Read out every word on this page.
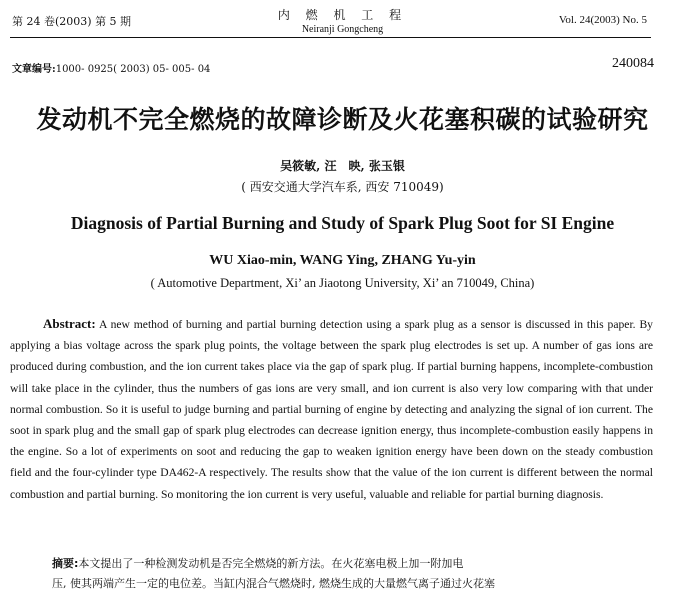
第 24 卷(2003) 第 5 期	内 燃 机 工 程
Neiranji Gongcheng
Vol. 24(2003) No. 5
文章编号:1000- 0925( 2003) 05- 005- 04	240084
发动机不完全燃烧的故障诊断及火花塞积碳的试验研究
吴筱敏, 汪　映, 张玉银
( 西安交通大学汽车系, 西安 710049)
Diagnosis of Partial Burning and Study of Spark Plug Soot for SI Engine
WU Xiao-min, WANG Ying, ZHANG Yu-yin
( Automotive Department, Xi’ an Jiaotong University, Xi’ an 710049, China)
Abstract: A new method of burning and partial burning detection using a spark plug as a sensor is discussed in this paper. By applying a bias voltage across the spark plug points, the voltage between the spark plug electrodes is set up. A number of gas ions are produced during combustion, and the ion current takes place via the gap of spark plug. If partial burning happens, incomplete-combustion will take place in the cylinder, thus the numbers of gas ions are very small, and ion current is also very low comparing with that under normal combustion. So it is useful to judge burning and partial burning of engine by detecting and analyzing the signal of ion current. The soot in spark plug and the small gap of spark plug electrodes can decrease ignition energy, thus incomplete-combustion easily happens in the engine. So a lot of experiments on soot and reducing the gap to weaken ignition energy have been down on the steady combustion field and the four-cylinder type DA462-A respectively. The results show that the value of the ion current is different between the normal combustion and partial burning. So monitoring the ion current is very useful, valuable and reliable for partial burning diagnosis.
摘要:本文提出了一种检测发动机是否完全燃烧的新方法。在火花塞电极上加一附加电
压, 使其两端产生一定的电位差。当缸内混合气燃烧时, 燃烧生成的大量燃气离子通过火花塞
